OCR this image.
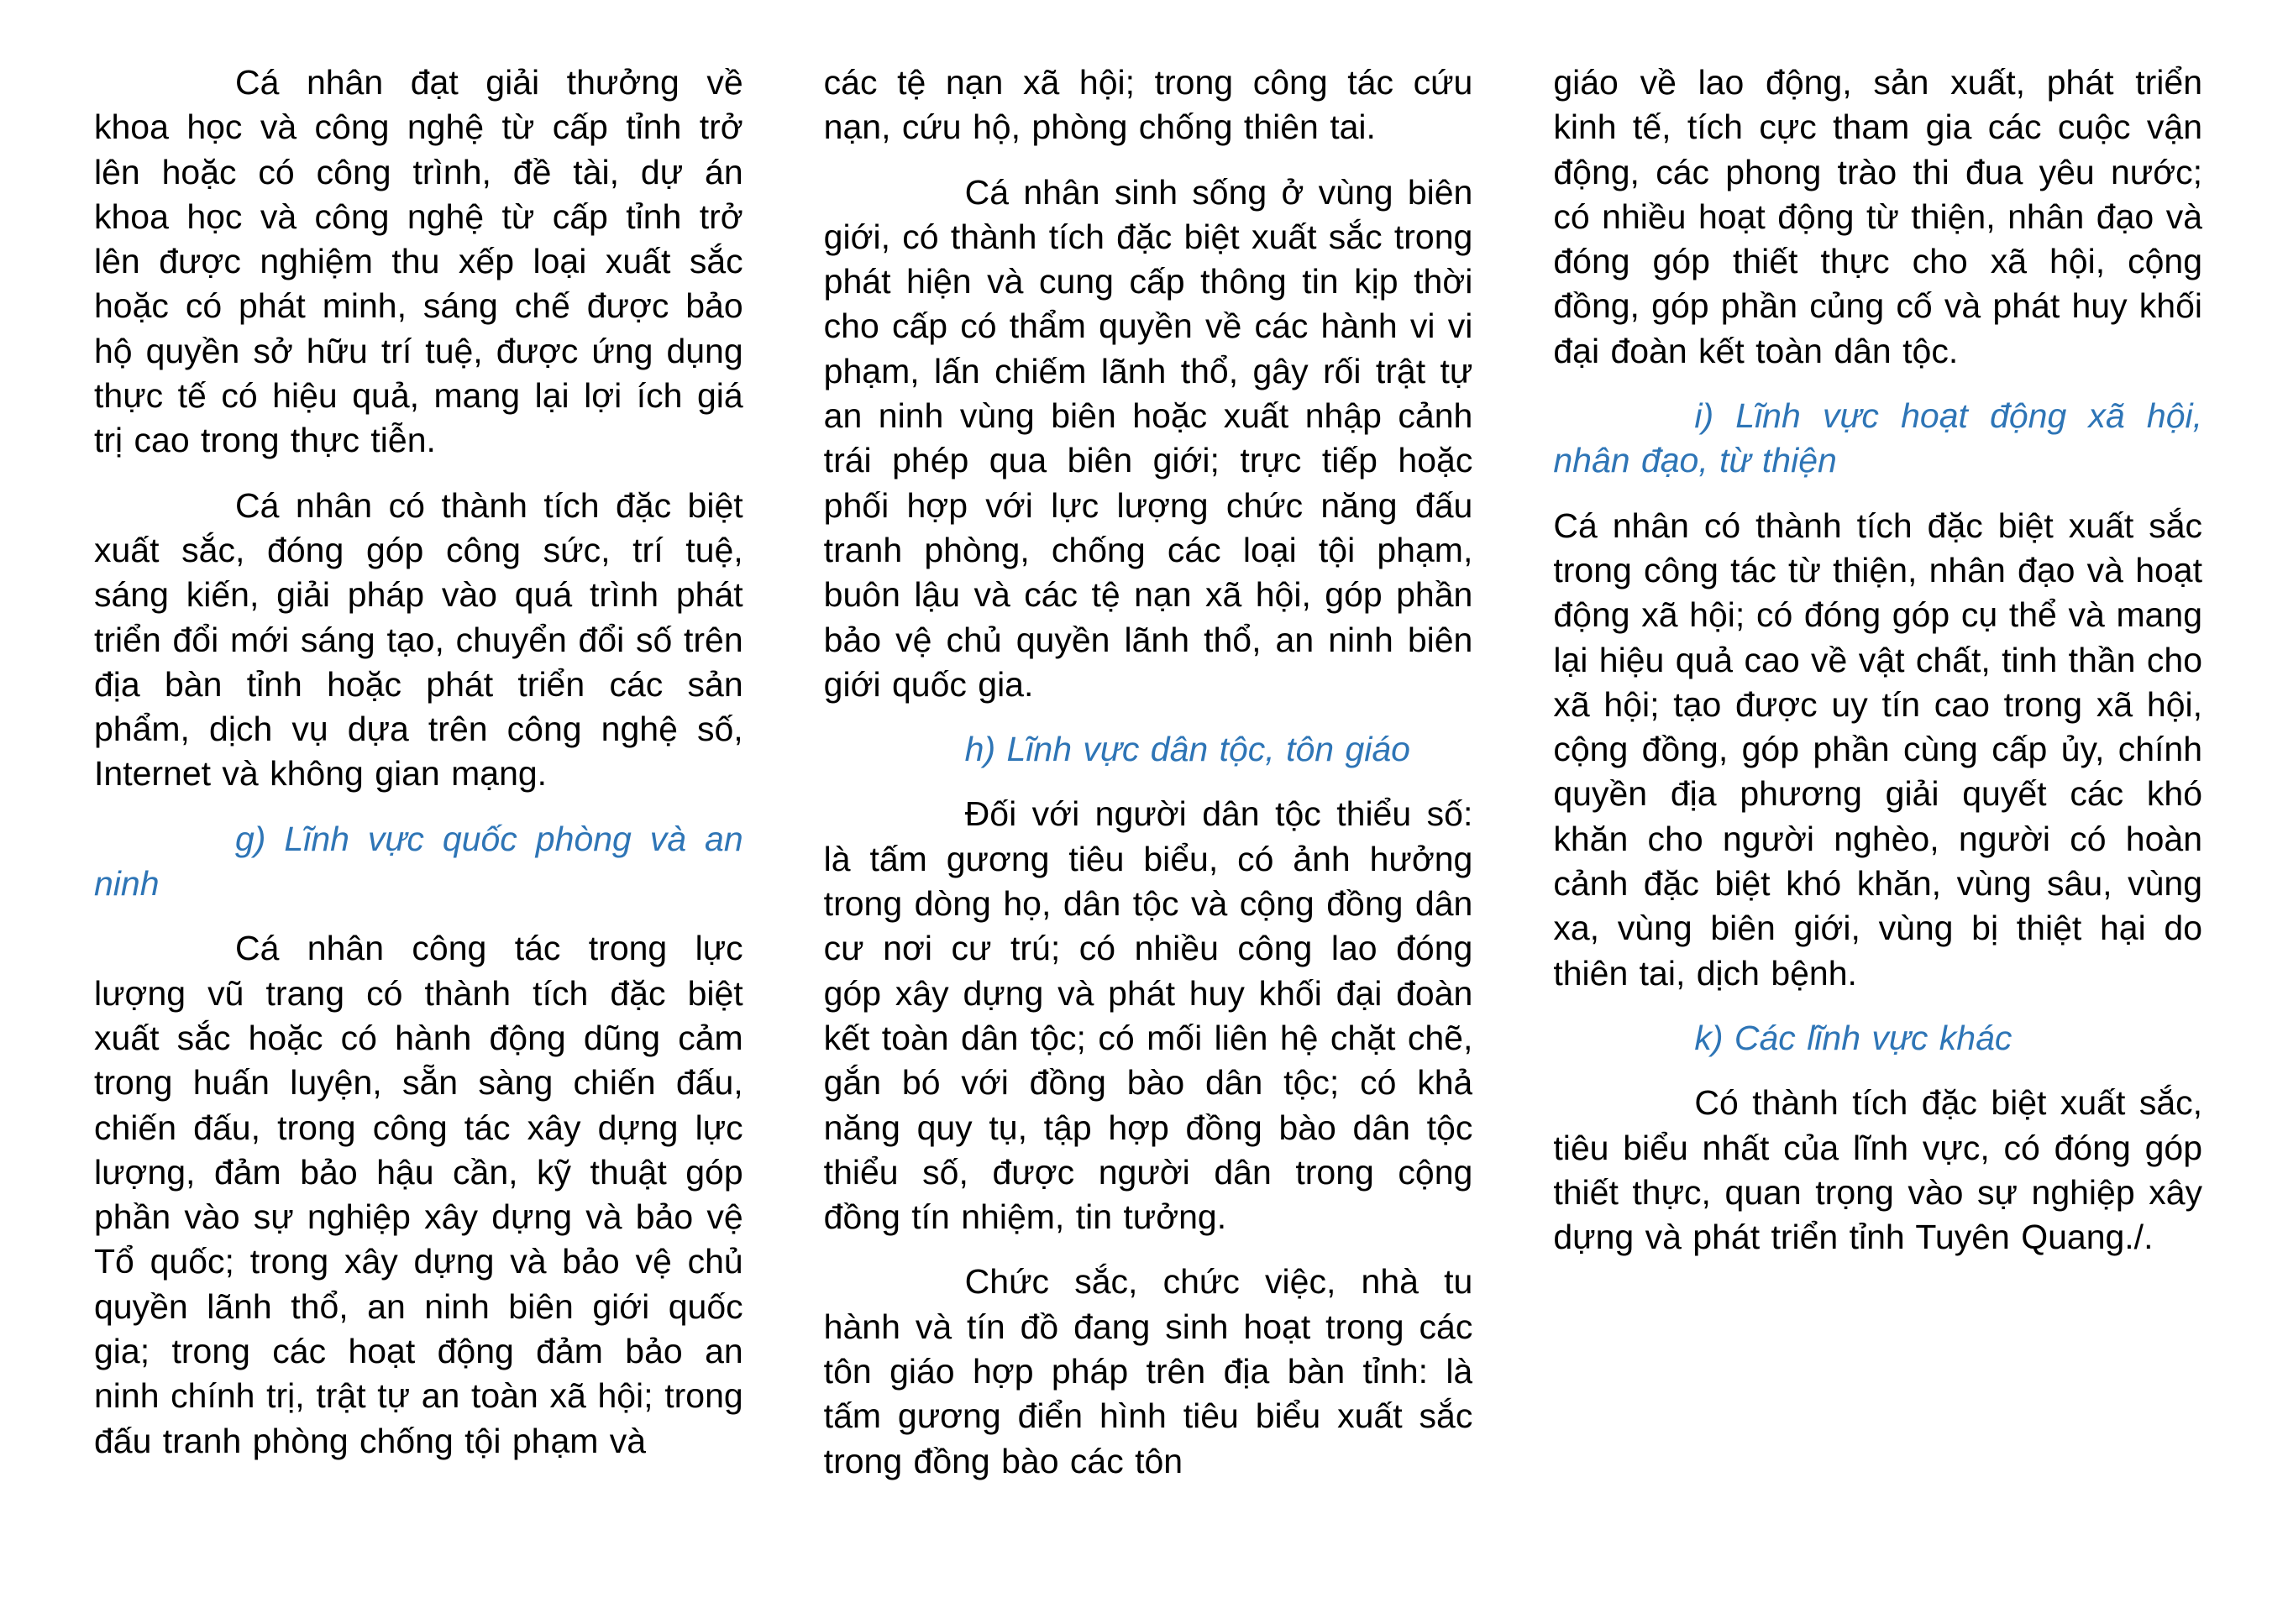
Cá nhân đạt giải thưởng về khoa học và công nghệ từ cấp tỉnh trở lên hoặc có công trình, đề tài, dự án khoa học và công nghệ từ cấp tỉnh trở lên được nghiệm thu xếp loại xuất sắc hoặc có phát minh, sáng chế được bảo hộ quyền sở hữu trí tuệ, được ứng dụng thực tế có hiệu quả, mang lại lợi ích giá trị cao trong thực tiễn.

Cá nhân có thành tích đặc biệt xuất sắc, đóng góp công sức, trí tuệ, sáng kiến, giải pháp vào quá trình phát triển đổi mới sáng tạo, chuyển đổi số trên địa bàn tỉnh hoặc phát triển các sản phẩm, dịch vụ dựa trên công nghệ số, Internet và không gian mạng.

g) Lĩnh vực quốc phòng và an ninh

Cá nhân công tác trong lực lượng vũ trang có thành tích đặc biệt xuất sắc hoặc có hành động dũng cảm trong huấn luyện, sẵn sàng chiến đấu, chiến đấu, trong công tác xây dựng lực lượng, đảm bảo hậu cần, kỹ thuật góp phần vào sự nghiệp xây dựng và bảo vệ Tổ quốc; trong xây dựng và bảo vệ chủ quyền lãnh thổ, an ninh biên giới quốc gia; trong các hoạt động đảm bảo an ninh chính trị, trật tự an toàn xã hội; trong đấu tranh phòng chống tội phạm và

các tệ nạn xã hội; trong công tác cứu nạn, cứu hộ, phòng chống thiên tai.

Cá nhân sinh sống ở vùng biên giới, có thành tích đặc biệt xuất sắc trong phát hiện và cung cấp thông tin kịp thời cho cấp có thẩm quyền về các hành vi vi phạm, lấn chiếm lãnh thổ, gây rối trật tự an ninh vùng biên hoặc xuất nhập cảnh trái phép qua biên giới; trực tiếp hoặc phối hợp với lực lượng chức năng đấu tranh phòng, chống các loại tội phạm, buôn lậu và các tệ nạn xã hội, góp phần bảo vệ chủ quyền lãnh thổ, an ninh biên giới quốc gia.

h) Lĩnh vực dân tộc, tôn giáo

Đối với người dân tộc thiểu số: là tấm gương tiêu biểu, có ảnh hưởng trong dòng họ, dân tộc và cộng đồng dân cư nơi cư trú; có nhiều công lao đóng góp xây dựng và phát huy khối đại đoàn kết toàn dân tộc; có mối liên hệ chặt chẽ, gắn bó với đồng bào dân tộc; có khả năng quy tụ, tập hợp đồng bào dân tộc thiểu số, được người dân trong cộng đồng tín nhiệm, tin tưởng.

Chức sắc, chức việc, nhà tu hành và tín đồ đang sinh hoạt trong các tôn giáo hợp pháp trên địa bàn tỉnh: là tấm gương điển hình tiêu biểu xuất sắc trong đồng bào các tôn

giáo về lao động, sản xuất, phát triển kinh tế, tích cực tham gia các cuộc vận động, các phong trào thi đua yêu nước; có nhiều hoạt động từ thiện, nhân đạo và đóng góp thiết thực cho xã hội, cộng đồng, góp phần củng cố và phát huy khối đại đoàn kết toàn dân tộc.

i) Lĩnh vực hoạt động xã hội, nhân đạo, từ thiện

Cá nhân có thành tích đặc biệt xuất sắc trong công tác từ thiện, nhân đạo và hoạt động xã hội; có đóng góp cụ thể và mang lại hiệu quả cao về vật chất, tinh thần cho xã hội; tạo được uy tín cao trong xã hội, cộng đồng, góp phần cùng cấp ủy, chính quyền địa phương giải quyết các khó khăn cho người nghèo, người có hoàn cảnh đặc biệt khó khăn, vùng sâu, vùng xa, vùng biên giới, vùng bị thiệt hại do thiên tai, dịch bệnh.

k) Các lĩnh vực khác

Có thành tích đặc biệt xuất sắc, tiêu biểu nhất của lĩnh vực, có đóng góp thiết thực, quan trọng vào sự nghiệp xây dựng và phát triển tỉnh Tuyên Quang./.
